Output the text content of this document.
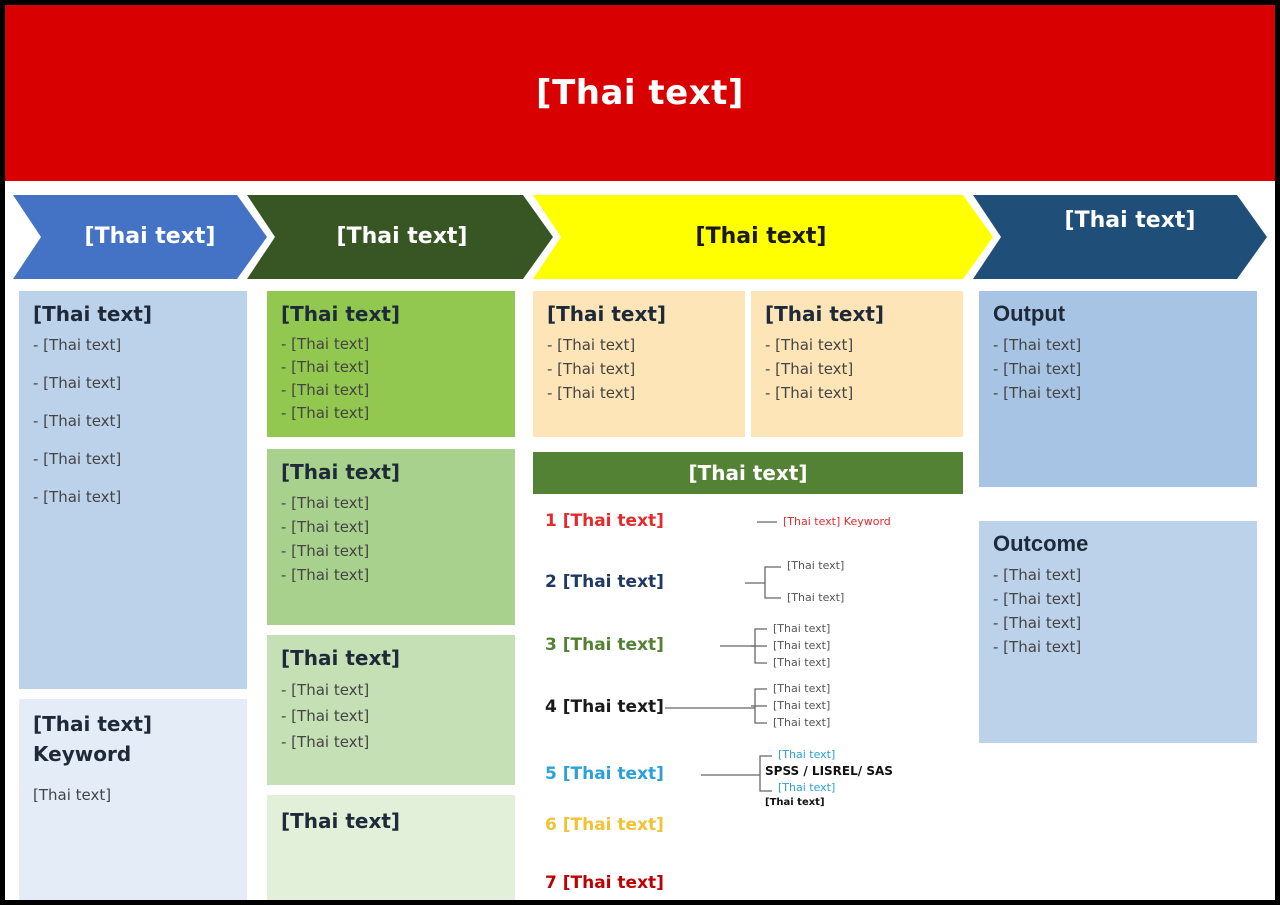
[Thai text]
[Thai text]	[Thai text]	[Thai text]
[Thai text]
[Thai text]
- [Thai text]
- [Thai text]
- [Thai text]
- [Thai text]
- [Thai text]
[Thai text] Keyword
[Thai text]
[Thai text]
- [Thai text]
- [Thai text]
- [Thai text]
- [Thai text]
[Thai text]
- [Thai text]
- [Thai text]
- [Thai text]
- [Thai text]
[Thai text]
- [Thai text]
- [Thai text]
- [Thai text]
[Thai text]
[Thai text]
- [Thai text]
- [Thai text]
- [Thai text]
[Thai text]
- [Thai text]
- [Thai text]
- [Thai text]
[Thai text]
1 [Thai text]	[Thai text] Keyword
2 [Thai text]
[Thai text]
[Thai text]
3 [Thai text]
[Thai text]
[Thai text]
[Thai text]
4 [Thai text]
[Thai text]
[Thai text]
[Thai text]
5 [Thai text]
[Thai text]
SPSS / LISREL/ SAS
[Thai text]
[Thai text]
6 [Thai text]
7 [Thai text]
Output
- [Thai text]
- [Thai text]
- [Thai text]
Outcome
- [Thai text]
- [Thai text]
- [Thai text]
- [Thai text]
